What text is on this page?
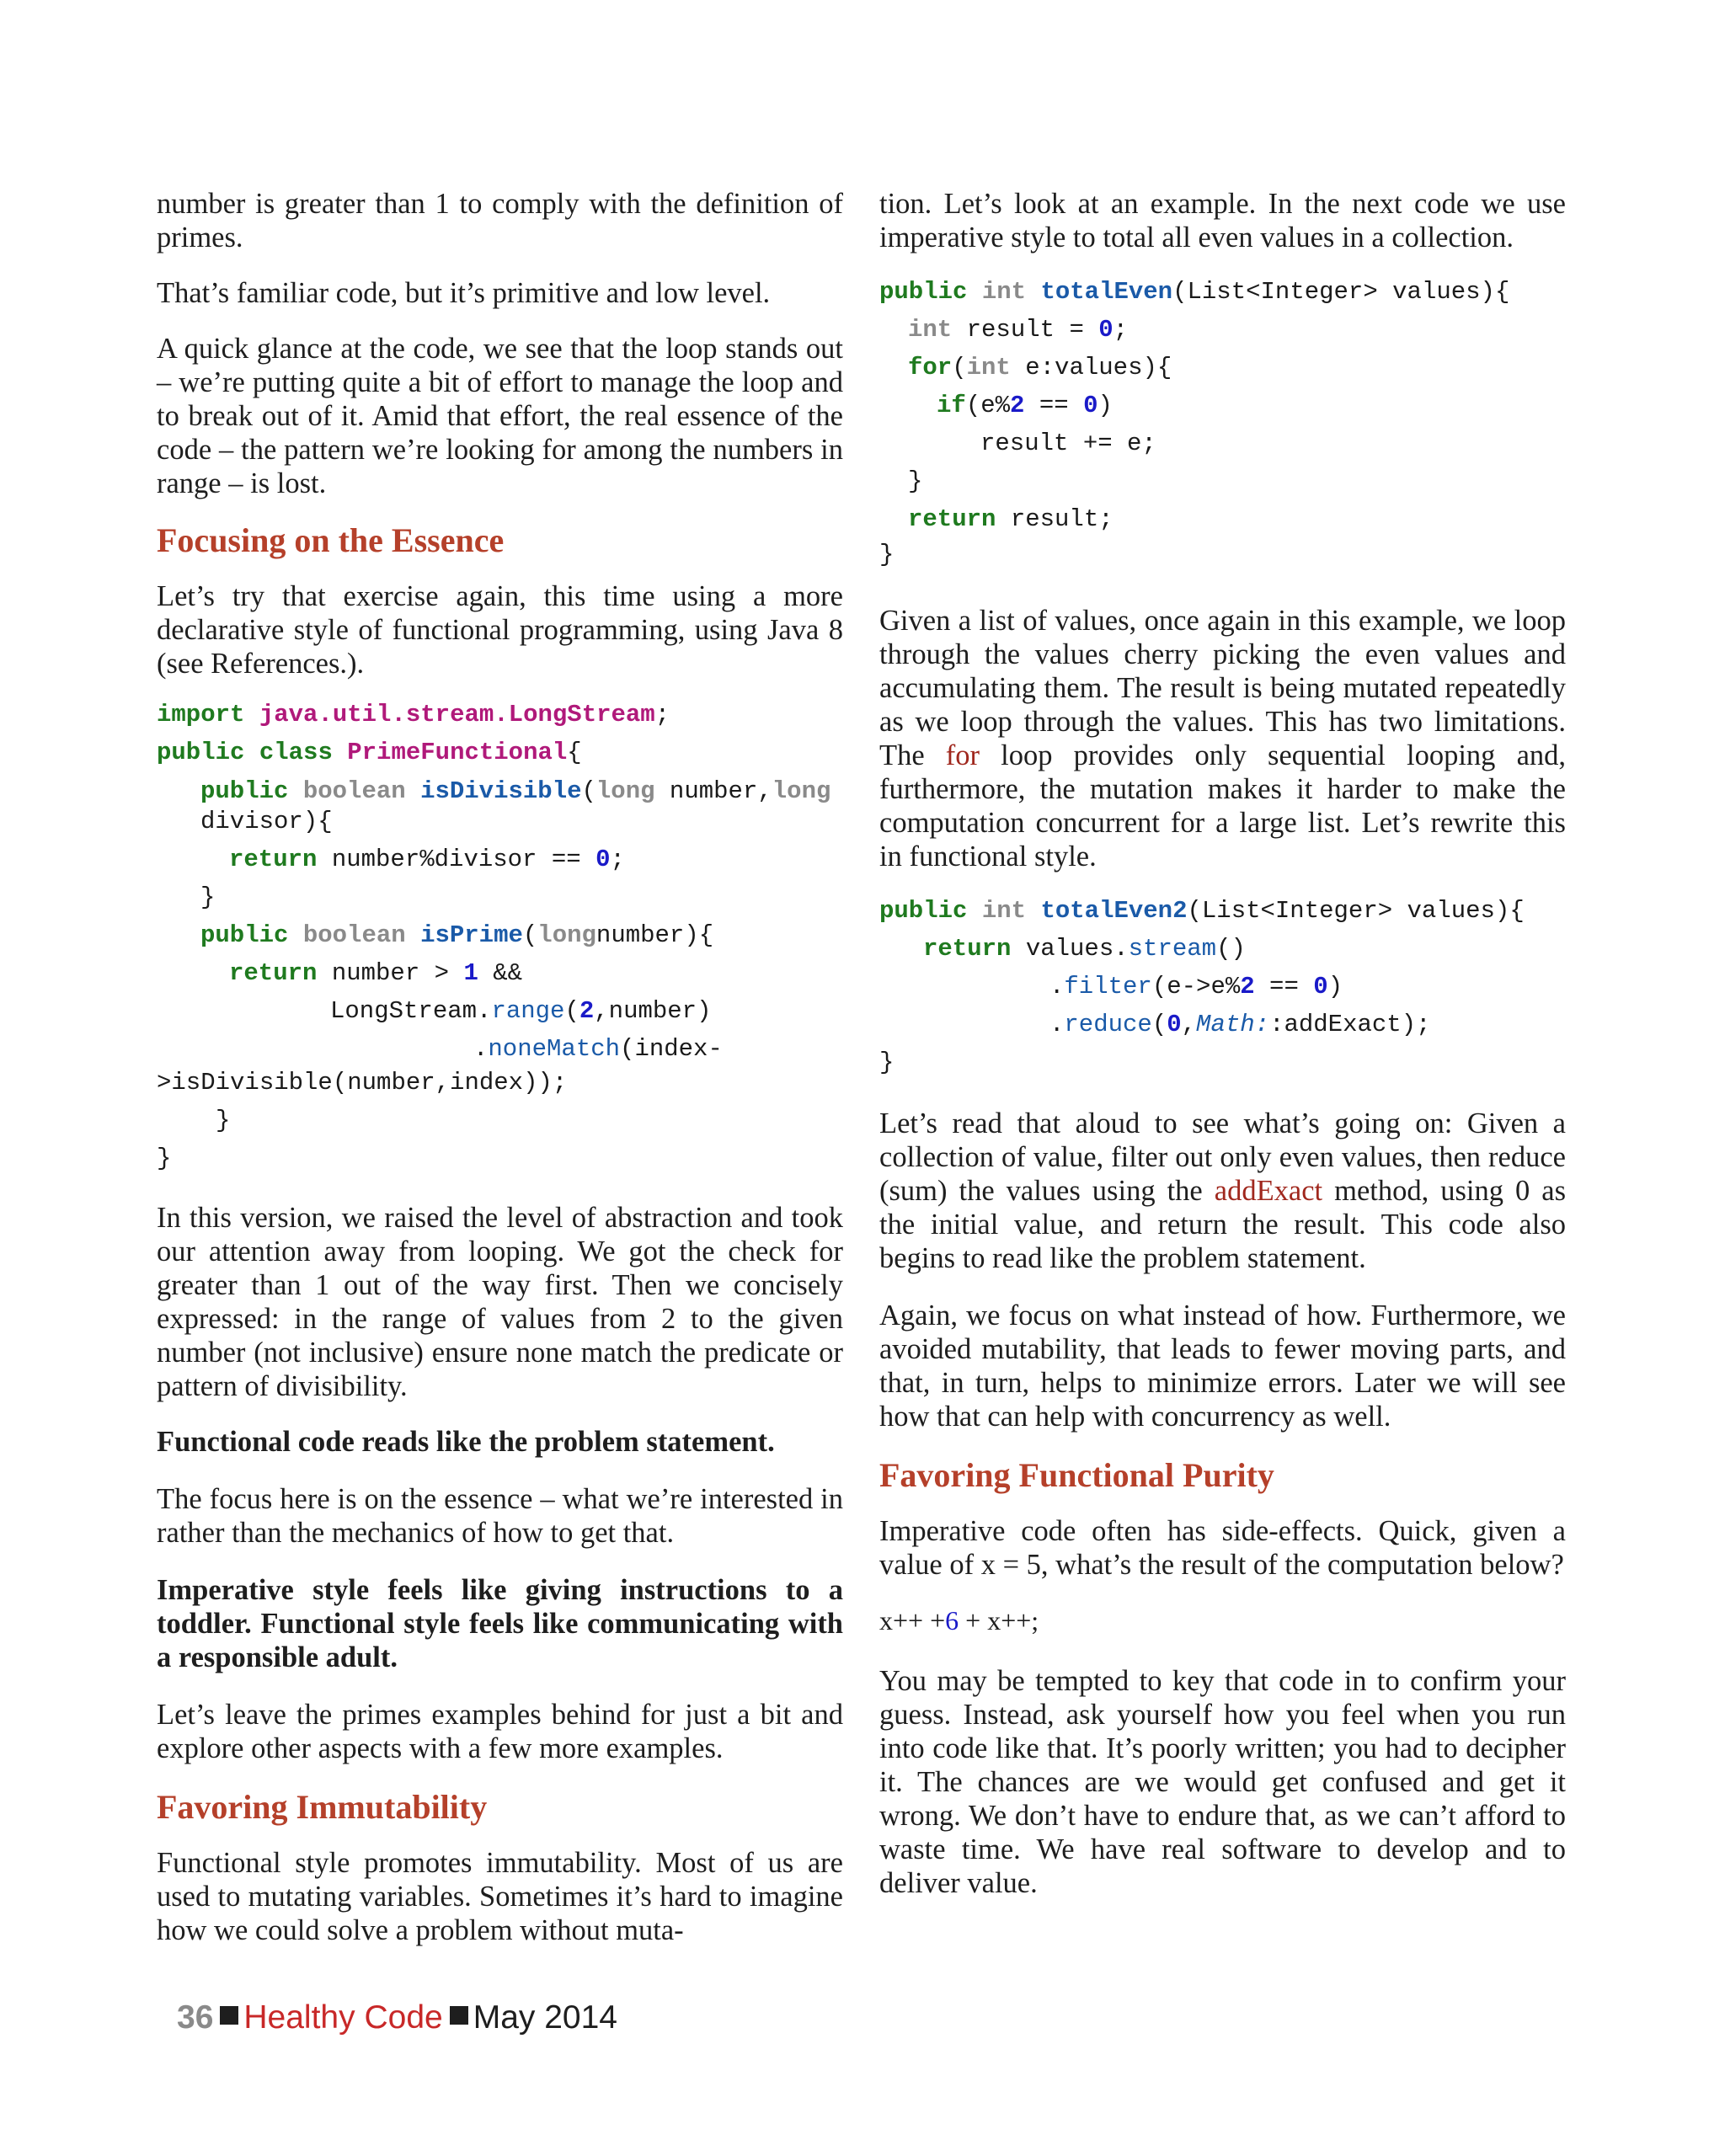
number is greater than 1 to comply with the definition of primes.

That’s familiar code, but it’s primitive and low level.

A quick glance at the code, we see that the loop stands out – we’re putting quite a bit of effort to manage the loop and to break out of it. Amid that effort, the real essence of the code – the pattern we’re looking for among the numbers in range – is lost.

Focusing on the Essence

Let’s try that exercise again, this time using a more declarative style of functional programming, using Java 8 (see References.).

import java.util.stream.LongStream;
public class PrimeFunctional{
public boolean isDivisible(long number,long divisor){
return number%divisor == 0;
}
public boolean isPrime(longnumber){
return number > 1 &&
LongStream.range(2,number)
.noneMatch(index-
>isDivisible(number,index));
}
}

In this version, we raised the level of abstraction and took our attention away from looping. We got the check for greater than 1 out of the way first. Then we concisely expressed: in the range of values from 2 to the given number (not inclusive) ensure none match the predicate or pattern of divisibility.

Functional code reads like the problem statement.

The focus here is on the essence – what we’re interested in rather than the mechanics of how to get that.

Imperative style feels like giving instructions to a toddler. Functional style feels like communicating with a responsible adult.

Let’s leave the primes examples behind for just a bit and explore other aspects with a few more examples.

Favoring Immutability

Functional style promotes immutability. Most of us are used to mutating variables. Sometimes it’s hard to imagine how we could solve a problem without muta-

tion. Let’s look at an example. In the next code we use imperative style to total all even values in a collection.

public int totalEven(List<Integer> values){
int result = 0;
for(int e:values){
if(e%2 == 0)
result += e;
}
return result;
}

Given a list of values, once again in this example, we loop through the values cherry picking the even values and accumulating them. The result is being mutated repeatedly as we loop through the values. This has two limitations. The for loop provides only sequential looping and, furthermore, the mutation makes it harder to make the computation concurrent for a large list. Let’s rewrite this in functional style.

public int totalEven2(List<Integer> values){
return values.stream()
.filter(e->e%2 == 0)
.reduce(0,Math::addExact);
}

Let’s read that aloud to see what’s going on: Given a collection of value, filter out only even values, then reduce (sum) the values using the addExact method, using 0 as the initial value, and return the result. This code also begins to read like the problem statement.

Again, we focus on what instead of how. Furthermore, we avoided mutability, that leads to fewer moving parts, and that, in turn, helps to minimize errors. Later we will see how that can help with concurrency as well.

Favoring Functional Purity

Imperative code often has side-effects. Quick, given a value of x = 5, what’s the result of the computation below?

x++ +6 + x++;

You may be tempted to key that code in to confirm your guess. Instead, ask yourself how you feel when you run into code like that. It’s poorly written; you had to decipher it. The chances are we would get confused and get it wrong. We don’t have to endure that, as we can’t afford to waste time. We have real software to develop and to deliver value.

36 Healthy Code May 2014
